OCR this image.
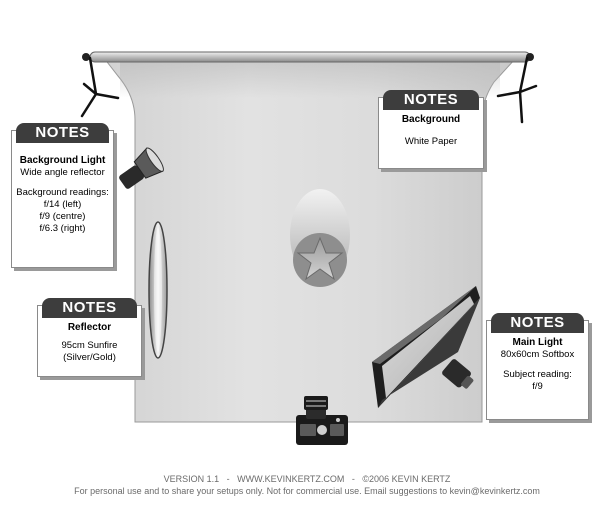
NOTES
Background Light
Wide angle reflector
Background readings:
f/14 (left)
f/9 (centre)
f/6.3 (right)
NOTES
Background
White Paper
NOTES
Reflector
95cm Sunfire
(Silver/Gold)
NOTES
Main Light
80x60cm Softbox
Subject reading:
f/9
VERSION 1.1   -   WWW.KEVINKERTZ.COM   -   ©2006 KEVIN KERTZ
For personal use and to share your setups only. Not for commercial use. Email suggestions to kevin@kevinkertz.com
